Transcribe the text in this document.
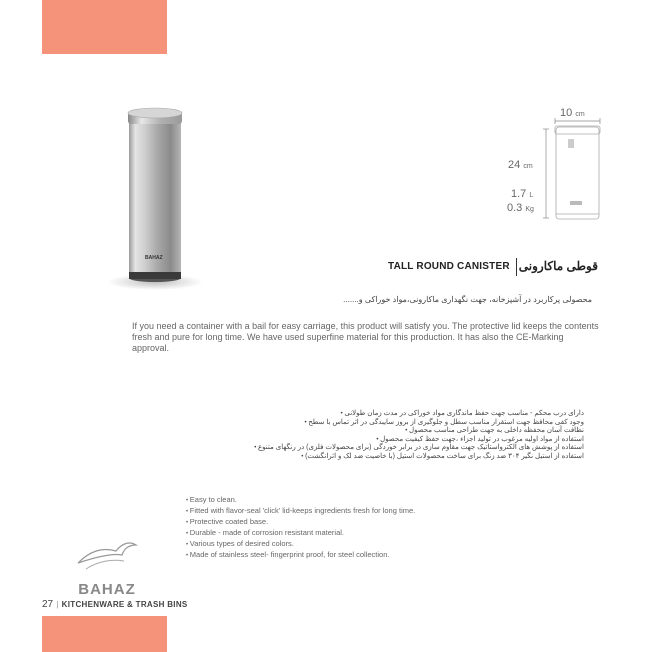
BAHAZ
10 cm
24 cm
1.7 L
0.3 Kg
TALL ROUND CANISTER قوطی ماکارونی
محصولی پرکاربرد در آشپزخانه، جهت نگهداری ماکارونی،مواد خوراکی و.......
If you need a container with a bail for easy carriage, this product will satisfy you. The protective lid keeps the contents fresh and pure for long time. We have used superfine material for this production. It has also the CE-Marking approval.
دارای درب محکم - مناسب جهت حفظ ماندگاری مواد خوراکی در مدت زمان طولانی •
وجود کفی محافظ جهت استقرار مناسب سطل و جلوگیری از بروز سایبدگی در اثر تماس با سطح •
نظافت آسان محفظه داخلی به جهت طراحی مناسب محصول •
استفاده از مواد اولیه مرغوب در تولید اجزاء ،جهت حفظ کیفیت محصول •
استفاده از پوشش های الکترواستاتیک جهت مقاوم سازی در برابر خوردگی (برای محصولات فلزی) در رنگهای متنوع •
استفاده از استیل نگیر ۳۰۴ ضد زنگ برای ساخت محصولات استیل (با خاصیت ضد لک و اثرانگشت) •
• Easy to clean.
• Fitted with flavor-seal 'click' lid-keeps ingredients fresh for long time.
• Protective coated base.
• Durable - made of corrosion resistant material.
• Various types of desired colors.
• Made of stainless steel- fingerprint proof, for steel collection.
BAHAZ
27 | KITCHENWARE & TRASH BINS
